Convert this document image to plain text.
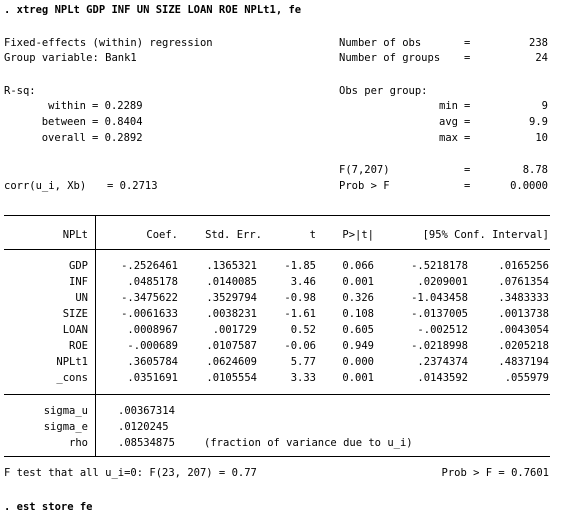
. xtreg NPLt GDP INF UN SIZE LOAN ROE NPLt1, fe
Fixed-effects (within) regression
Group variable: Bank1
Number of obs	=	238
Number of groups =	24
R-sq:
within = 0.2289
between = 0.8404
overall = 0.2892
Obs per group:
min =	9
avg =	9.9
max =	10
F(7,207)	=	8.78
corr(u_i, Xb) = 0.2713	Prob > F	=	0.0000
NPLt	Coef.	Std. Err.	t	P>|t|	[95% Conf. Interval]
GDP	-.2526461	.1365321	-1.85	0.066	-.5218178	.0165256
INF	.0485178	.0140085	3.46	0.001	.0209001	.0761354
UN	-.3475622	.3529794	-0.98	0.326	-1.043458	.3483333
SIZE	-.0061633	.0038231	-1.61	0.108	-.0137005	.0013738
LOAN	.0008967	.001729	0.52	0.605	-.002512	.0043054
ROE	-.000689	.0107587	-0.06	0.949	-.0218998	.0205218
NPLt1	.3605784	.0624609	5.77	0.000	.2374374	.4837194
_cons	.0351691	.0105554	3.33	0.001	.0143592	.055979
sigma_u	.00367314
sigma_e	.0120245
rho	.08534875	(fraction of variance due to u_i)
F test that all u_i=0: F(23, 207) = 0.77	Prob > F = 0.7601
. est store fe
